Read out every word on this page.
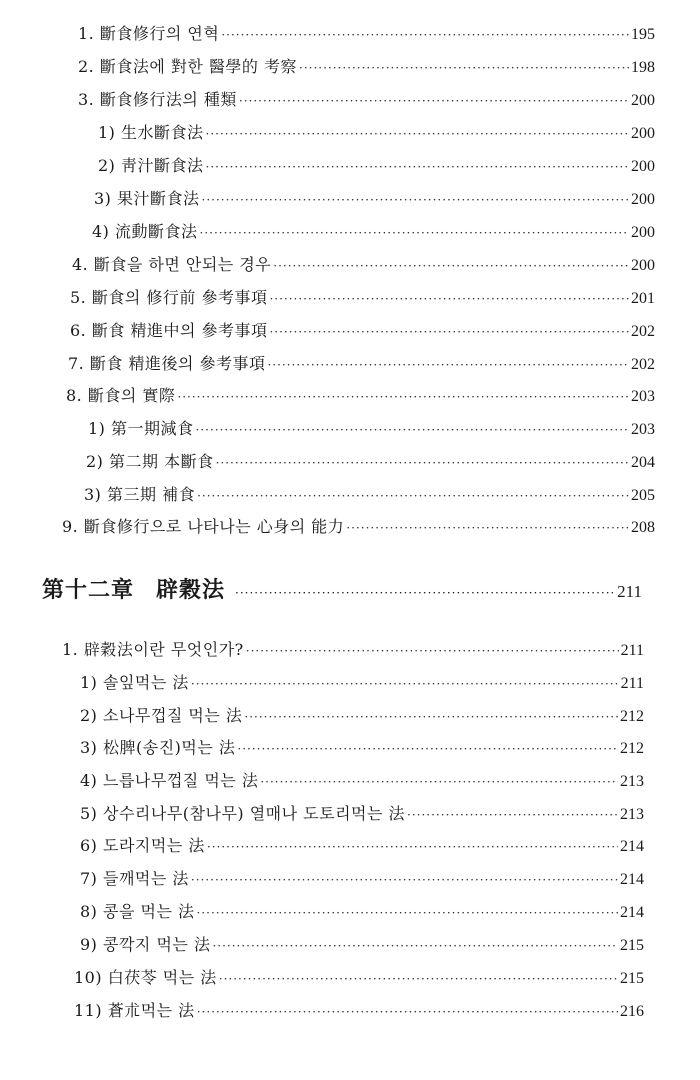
1. 斷食修行의 연혁 ·····	195
2. 斷食法에 對한 醫學的 考察 ·····	198
3. 斷食修行法의 種類 ·····	200
1) 生水斷食法 ·····	200
2) 靑汁斷食法 ·····	200
3) 果汁斷食法 ·····	200
4) 流動斷食法 ·····	200
4. 斷食을 하면 안되는 경우 ·····	200
5. 斷食의 修行前 參考事項 ·····	201
6. 斷食 精進中의 參考事項 ·····	202
7. 斷食 精進後의 參考事項 ·····	202
8. 斷食의 實際 ·····	203
1) 第一期減食 ·····	203
2) 第二期 本斷食 ·····	204
3) 第三期 補食 ·····	205
9. 斷食修行으로 나타나는 心身의 能力 ·····	208
第十二章 辟穀法 ·····	211
1. 辟穀法이란 무엇인가? ·····	211
1) 솔잎먹는 法 ·····	211
2) 소나무껍질 먹는 法 ·····	212
3) 松脾(송진)먹는 法 ·····	212
4) 느릅나무껍질 먹는 法 ·····	213
5) 상수리나무(참나무) 열매나 도토리먹는 法 ·····	213
6) 도라지먹는 法 ·····	214
7) 들깨먹는 法 ·····	214
8) 콩을 먹는 法 ·····	214
9) 콩깍지 먹는 法 ·····	215
10) 白茯苓 먹는 法 ·····	215
11) 蒼朮먹는 法 ·····	216
